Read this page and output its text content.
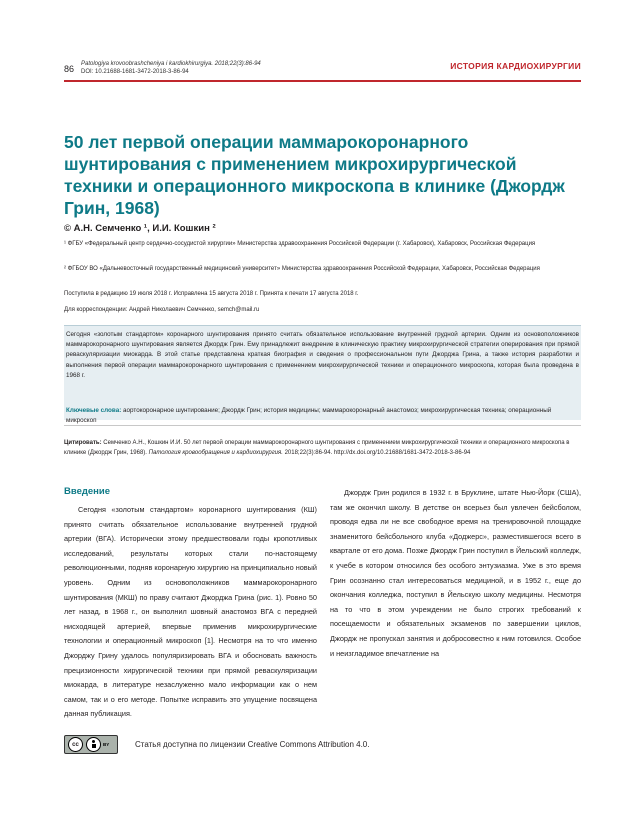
86 Patologiya krovoobrashcheniya i kardiokhirurgiya. 2018;22(3):86-94
DOI: 10.21688-1681-3472-2018-3-86-94
ИСТОРИЯ КАРДИОХИРУРГИИ
50 лет первой операции маммарокоронарного шунтирования с применением микрохирургической техники и операционного микроскопа в клинике (Джордж Грин, 1968)
© А.Н. Семченко ¹, И.И. Кошкин ²
¹ ФГБУ «Федеральный центр сердечно-сосудистой хирургии» Министерства здравоохранения Российской Федерации (г. Хабаровск), Хабаровск, Российская Федерация
² ФГБОУ ВО «Дальневосточный государственный медицинский университет» Министерства здравоохранения Российской Федерации, Хабаровск, Российская Федерация
Поступила в редакцию 19 июля 2018 г. Исправлена 15 августа 2018 г. Принята к печати 17 августа 2018 г.
Для корреспонденции: Андрей Николаевич Семченко, semch@mail.ru

Сегодня «золотым стандартом» коронарного шунтирования принято считать обязательное использование внутренней грудной артерии. Одним из основоположников маммарокоронарного шунтирования является Джордж Грин. Ему принадлежит внедрение в клиническую практику микрохирургической стратегии оперирования при прямой реваскуляризации миокарда. В этой статье представлена краткая биография и сведения о профессиональном пути Джорджа Грина, а также история разработки и выполнения первой операции маммарокоронарного шунтирования с применением микрохирургической техники и операционного микроскопа, которая была проведена в 1968 г.

Ключевые слова: аортокоронарное шунтирование; Джордж Грин; история медицины; маммарокоронарный анастомоз; микрохирургическая техника; операционный микроскоп

Цитировать: Семченко А.Н., Кошкин И.И. 50 лет первой операции маммарокоронарного шунтирования с применением микрохирургической техники и операционного микроскопа в клинике (Джордж Грин, 1968). Патология кровообращения и кардиохирургия. 2018;22(3):86-94. http://dx.doi.org/10.21688/1681-3472-2018-3-86-94

Введение

Сегодня «золотым стандартом» коронарного шунтирования (КШ) принято считать обязательное использование внутренней грудной артерии (ВГА). Исторически этому предшествовали годы кропотливых исследований, результаты которых стали по-настоящему революционными, подняв коронарную хирургию на принципиально новый уровень. Одним из основоположников маммарокоронарного шунтирования (МКШ) по праву считают Джорджа Грина (рис. 1). Ровно 50 лет назад, в 1968 г., он выполнил шовный анастомоз ВГА с передней нисходящей артерией, впервые применив микрохирургические технологии и операционный микроскоп [1]. Несмотря на то что именно Джорджу Грину удалось популяризировать ВГА и обосновать важность прецизионности хирургической техники при прямой реваскуляризации миокарда, в литературе незаслуженно мало информации как о нем самом, так и о его методе. Попытке исправить это упущение посвящена данная публикация.

Джордж Грин родился в 1932 г. в Бруклине, штате Нью-Йорк (США), там же окончил школу. В детстве он всерьез был увлечен бейсболом, проводя едва ли не все свободное время на тренировочной площадке знаменитого бейсбольного клуба «Доджерс», разместившегося всего в квартале от его дома. Позже Джордж Грин поступил в Йельский колледж, к учебе в котором относился без особого энтузиазма. Уже в это время Грин осознанно стал интересоваться медициной, и в 1952 г., еще до окончания колледжа, поступил в Йельскую школу медицины. Несмотря на то что в этом учреждении не было строгих требований к посещаемости и обязательных экзаменов по завершении циклов, Джордж не пропускал занятия и добросовестно к ним готовился. Особое и неизгладимое впечатление на

cc	BY	Статья доступна по лицензии Creative Commons Attribution 4.0.
